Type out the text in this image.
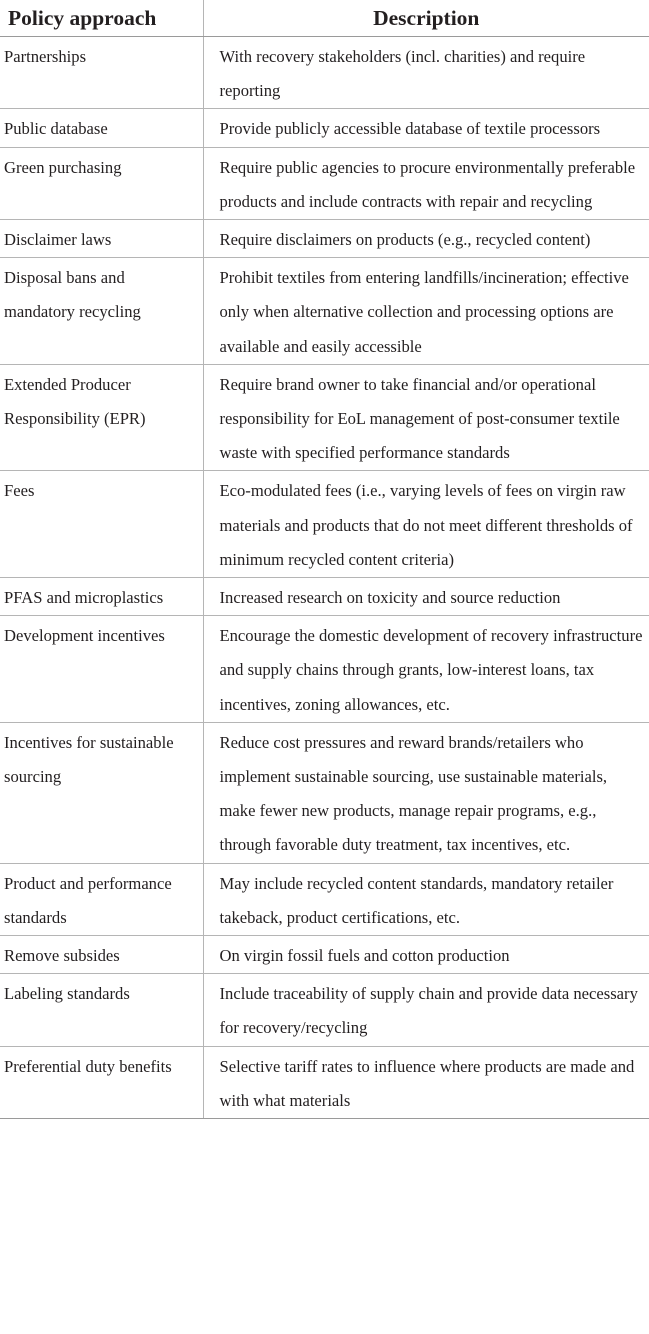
Policy approach	Description
Partnerships	With recovery stakeholders (incl. charities) and require reporting
Public database	Provide publicly accessible database of textile processors
Green purchasing	Require public agencies to procure environmentally preferable products and include contracts with repair and recycling
Disclaimer laws	Require disclaimers on products (e.g., recycled content)
Disposal bans and mandatory recycling	Prohibit textiles from entering landfills/incineration; effective only when alternative collection and processing options are available and easily accessible
Extended Producer Responsibility (EPR)	Require brand owner to take financial and/or operational responsibility for EoL management of post-consumer textile waste with specified performance standards
Fees	Eco-modulated fees (i.e., varying levels of fees on virgin raw materials and products that do not meet different thresholds of minimum recycled content criteria)
PFAS and microplastics	Increased research on toxicity and source reduction
Development incentives	Encourage the domestic development of recovery infrastructure and supply chains through grants, low-interest loans, tax incentives, zoning allowances, etc.
Incentives for sustainable sourcing	Reduce cost pressures and reward brands/retailers who implement sustainable sourcing, use sustainable materials, make fewer new products, manage repair programs, e.g., through favorable duty treatment, tax incentives, etc.
Product and performance standards	May include recycled content standards, mandatory retailer takeback, product certifications, etc.
Remove subsides	On virgin fossil fuels and cotton production
Labeling standards	Include traceability of supply chain and provide data necessary for recovery/recycling
Preferential duty benefits	Selective tariff rates to influence where products are made and with what materials
